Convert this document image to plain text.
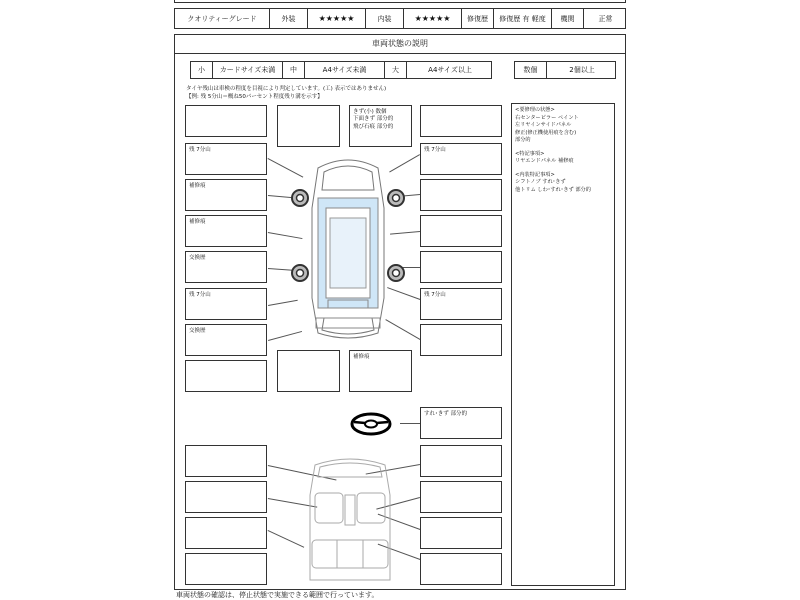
クオリティーグレード	外装	★★★★★	内装	★★★★★	修復歴	修復歴 有 軽度	機関	正常
車両状態の説明
小	カードサイズ未満	中	A4サイズ未満	大	A4サイズ以上	数個	2個以上
タイヤ残山は車検の程度を目視により判定しています。(工) 表示ではありません)
【例: 残 5分山＝概ね50パーセント程度残り溝を示す】
<要修理の状態>
右センターピラー ペイント
左リヤインサイドパネル
修正(修正機使用痕を含む)
部分的
<特記事項>
リヤエンドパネル 補修痕
<内装特記事項>
シフトノブ すれ･きず
他トリム しわ･すれ･きず 部分的
きず(小) 数個
下面きず 部分的
飛び石痕 部分的
残 7分山
補修痕
補修痕
交換歴
残 7分山
交換歴
残 7分山
残 7分山
補修痕
すれ･きず 部分的
車両状態の確認は、停止状態で実施できる範囲で行っています。
